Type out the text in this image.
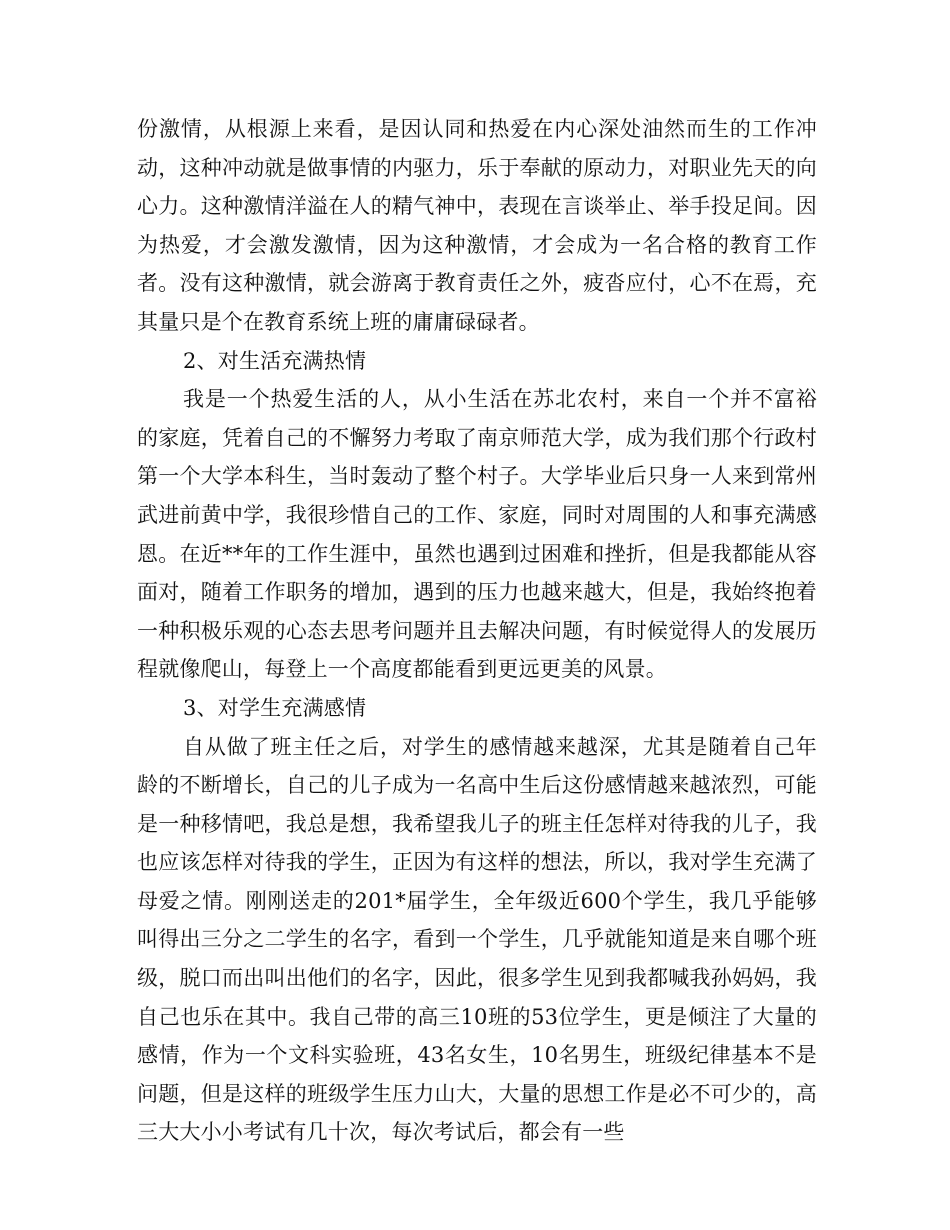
份激情，从根源上来看，是因认同和热爱在内心深处油然而生的工作冲动，这种冲动就是做事情的内驱力，乐于奉献的原动力，对职业先天的向心力。这种激情洋溢在人的精气神中，表现在言谈举止、举手投足间。因为热爱，才会激发激情，因为这种激情，才会成为一名合格的教育工作者。没有这种激情，就会游离于教育责任之外，疲沓应付，心不在焉，充其量只是个在教育系统上班的庸庸碌碌者。

2、对生活充满热情

我是一个热爱生活的人，从小生活在苏北农村，来自一个并不富裕的家庭，凭着自己的不懈努力考取了南京师范大学，成为我们那个行政村第一个大学本科生，当时轰动了整个村子。大学毕业后只身一人来到常州武进前黄中学，我很珍惜自己的工作、家庭，同时对周围的人和事充满感恩。在近**年的工作生涯中，虽然也遇到过困难和挫折，但是我都能从容面对，随着工作职务的增加，遇到的压力也越来越大，但是，我始终抱着一种积极乐观的心态去思考问题并且去解决问题，有时候觉得人的发展历程就像爬山，每登上一个高度都能看到更远更美的风景。

3、对学生充满感情

自从做了班主任之后，对学生的感情越来越深，尤其是随着自己年龄的不断增长，自己的儿子成为一名高中生后这份感情越来越浓烈，可能是一种移情吧，我总是想，我希望我儿子的班主任怎样对待我的儿子，我也应该怎样对待我的学生，正因为有这样的想法，所以，我对学生充满了母爱之情。刚刚送走的201*届学生，全年级近600个学生，我几乎能够叫得出三分之二学生的名字，看到一个学生，几乎就能知道是来自哪个班级，脱口而出叫出他们的名字，因此，很多学生见到我都喊我孙妈妈，我自己也乐在其中。我自己带的高三10班的53位学生，更是倾注了大量的感情，作为一个文科实验班，43名女生，10名男生，班级纪律基本不是问题，但是这样的班级学生压力山大，大量的思想工作是必不可少的，高三大大小小考试有几十次，每次考试后，都会有一些
